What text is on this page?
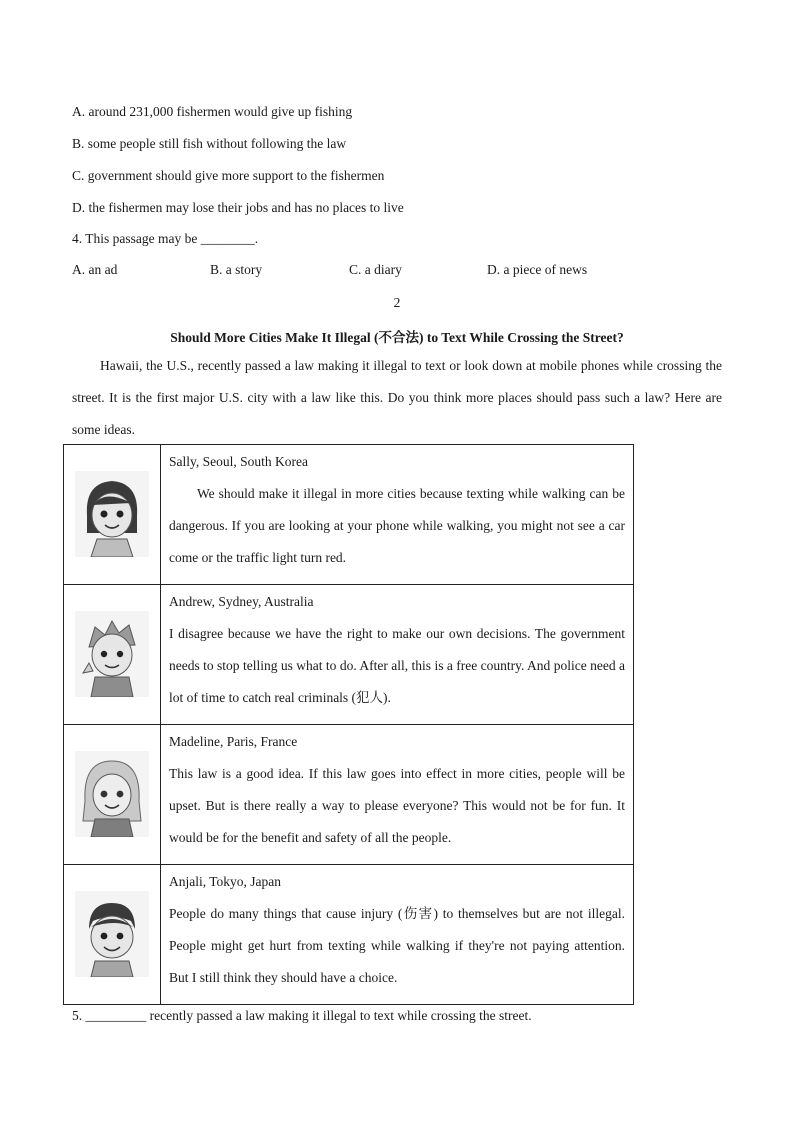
A. around 231,000 fishermen would give up fishing
B. some people still fish without following the law
C. government should give more support to the fishermen
D. the fishermen may lose their jobs and has no places to live
4. This passage may be ________.
A. an ad	B. a story	C. a diary	D. a piece of news
2
Should More Cities Make It Illegal (不合法) to Text While Crossing the Street?
Hawaii, the U.S., recently passed a law making it illegal to text or look down at mobile phones while crossing the street. It is the first major U.S. city with a law like this. Do you think more places should pass such a law? Here are some ideas.

Sally, Seoul, South Korea
We should make it illegal in more cities because texting while walking can be dangerous. If you are looking at your phone while walking, you might not see a car come or the traffic light turn red.

Andrew, Sydney, Australia
I disagree because we have the right to make our own decisions. The government needs to stop telling us what to do. After all, this is a free country. And police need a lot of time to catch real criminals (犯人).

Madeline, Paris, France
This law is a good idea. If this law goes into effect in more cities, people will be upset. But is there really a way to please everyone? This would not be for fun. It would be for the benefit and safety of all the people.

Anjali, Tokyo, Japan
People do many things that cause injury (伤害) to themselves but are not illegal. People might get hurt from texting while walking if they're not paying attention. But I still think they should have a choice.
5. _________ recently passed a law making it illegal to text while crossing the street.
